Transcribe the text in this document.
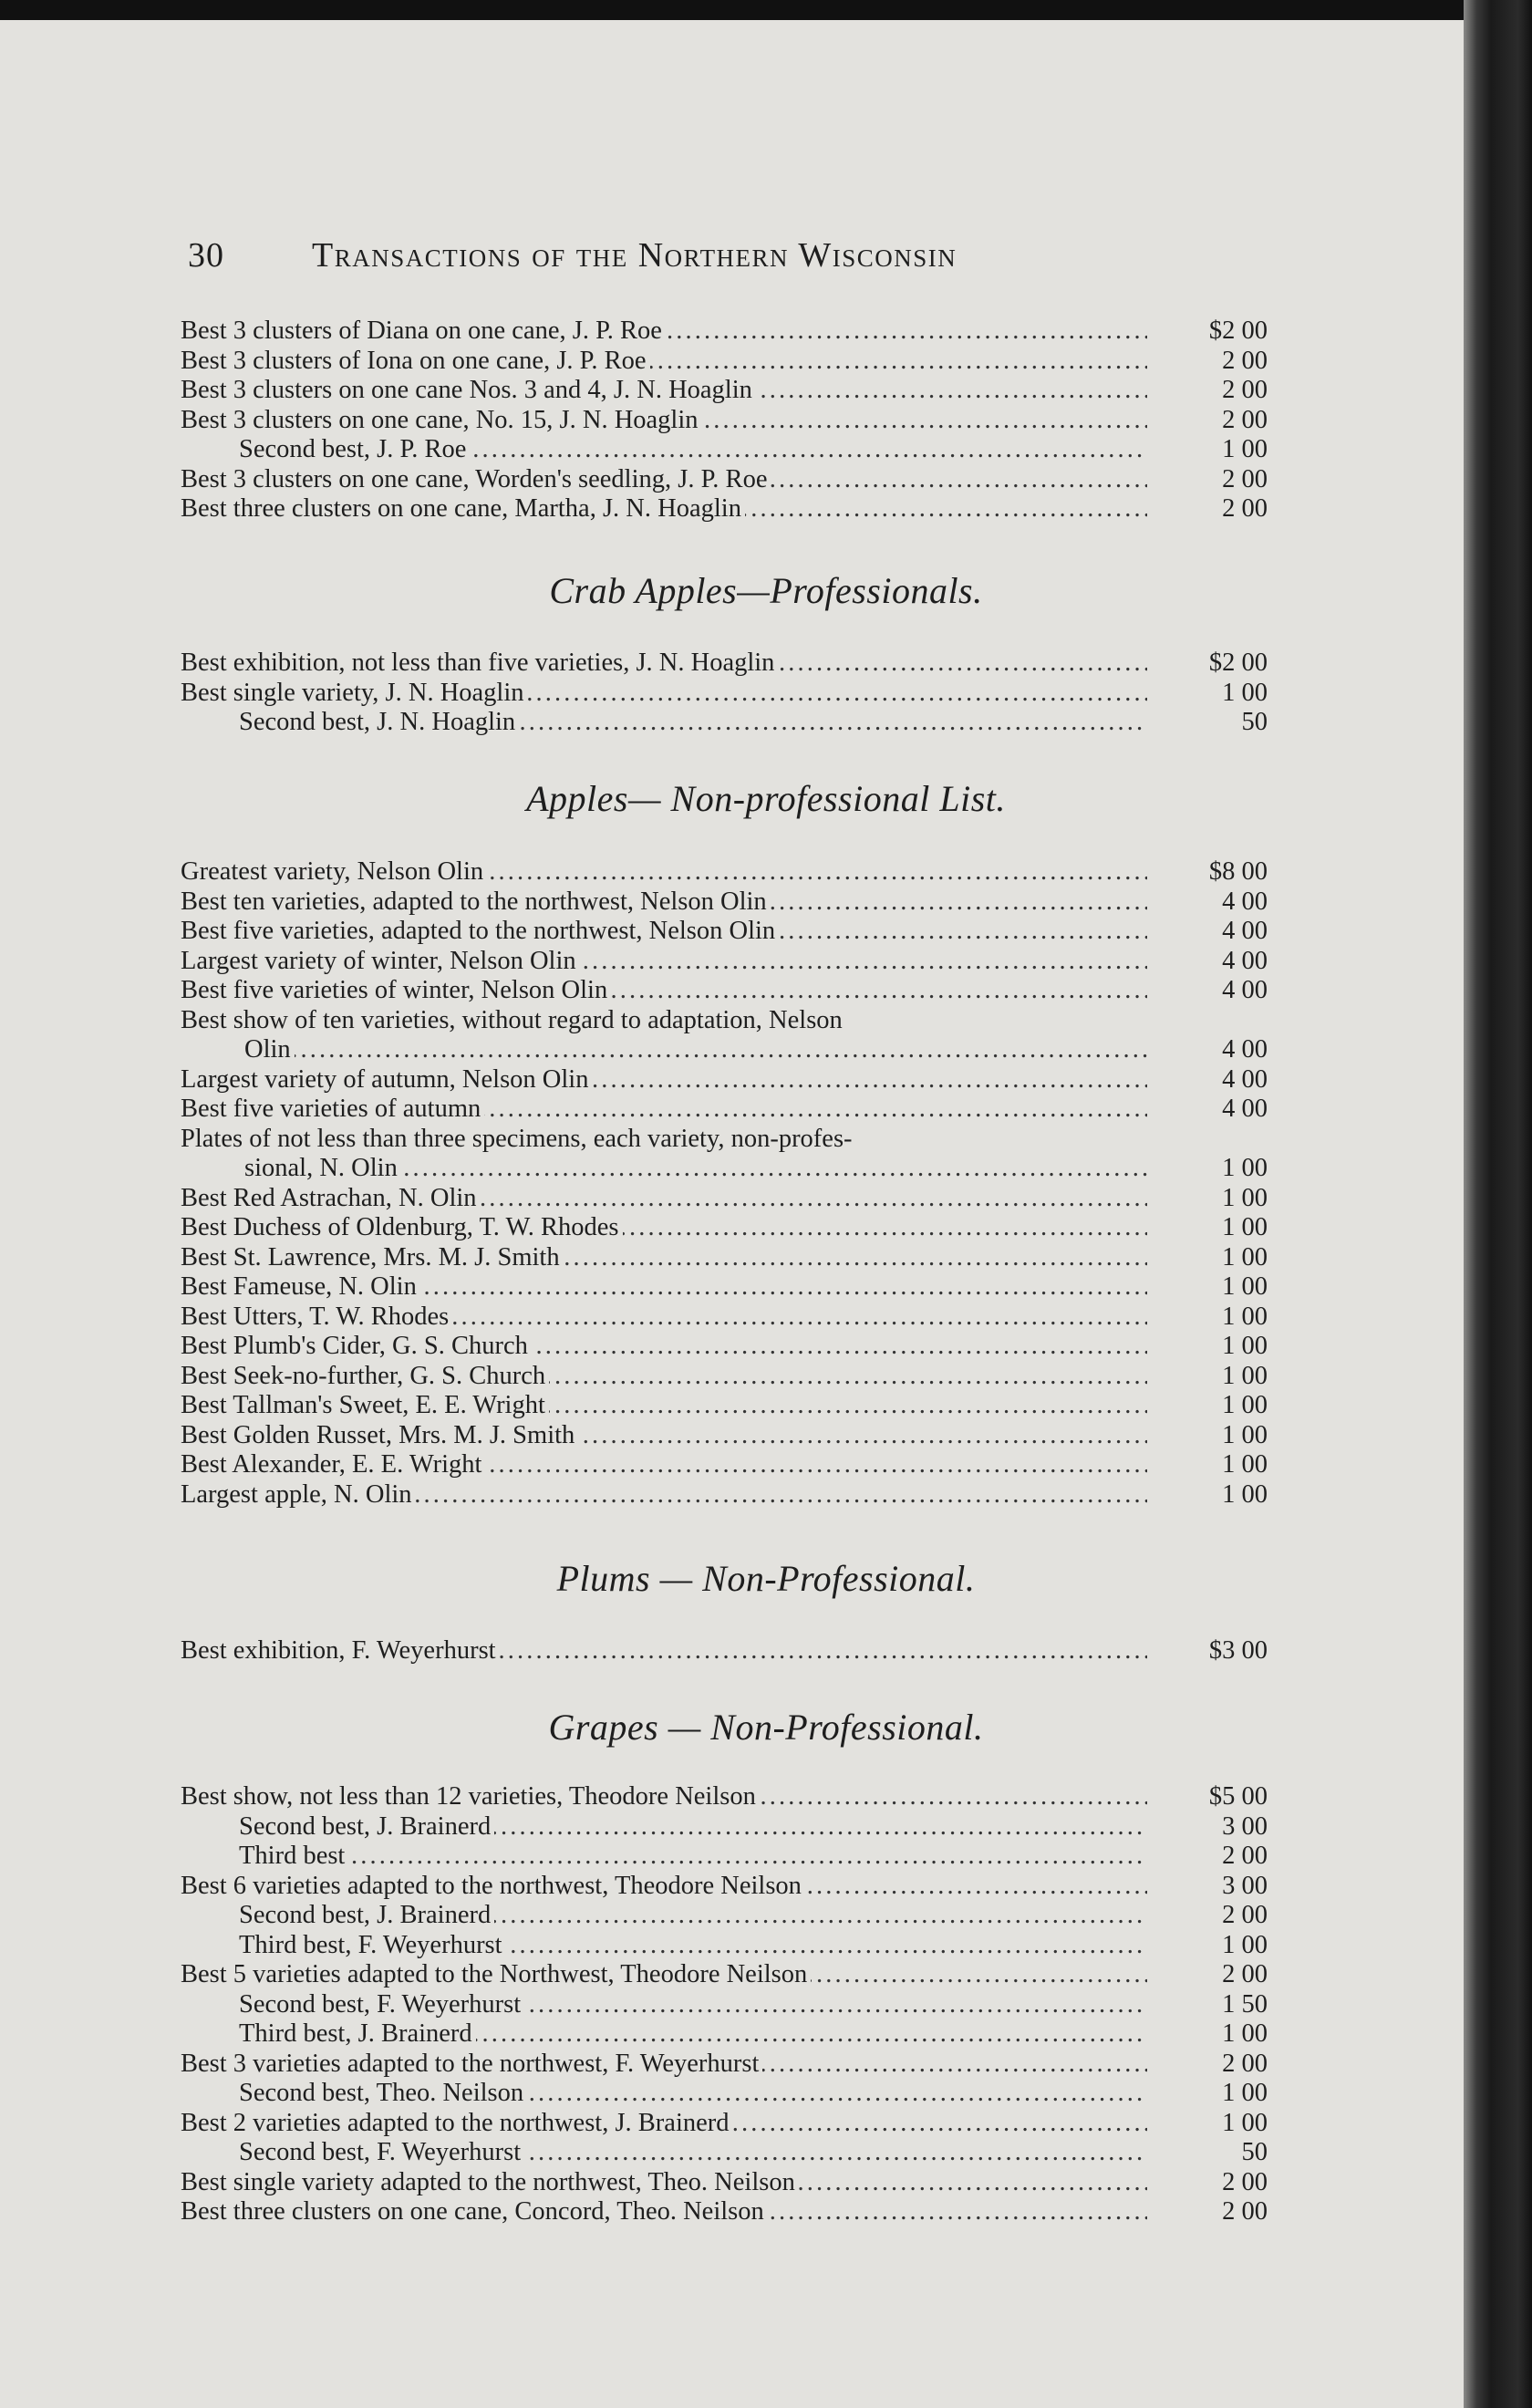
30	Transactions of the Northern Wisconsin
Best 3 clusters of Diana on one cane, J. P. Roe . . .	$2 00
Best 3 clusters of Iona on one cane, J. P. Roe . . .	2 00
Best 3 clusters on one cane Nos. 3 and 4, J. N. Hoaglin . . .	2 00
Best 3 clusters on one cane, No. 15, J. N. Hoaglin . . .	2 00
Second best, J. P. Roe . . .	1 00
Best 3 clusters on one cane, Worden's seedling, J. P. Roe . . .	2 00
Best three clusters on one cane, Martha, J. N. Hoaglin . . .	2 00
Crab Apples—Professionals.
Best exhibition, not less than five varieties, J. N. Hoaglin . . .	$2 00
Best single variety, J. N. Hoaglin . . .	1 00
Second best, J. N. Hoaglin . . .	50
Apples— Non-professional List.
Greatest variety, Nelson Olin . . .	$8 00
Best ten varieties, adapted to the northwest, Nelson Olin . . .	4 00
Best five varieties, adapted to the northwest, Nelson Olin . . .	4 00
Largest variety of winter, Nelson Olin . . .	4 00
Best five varieties of winter, Nelson Olin . . .	4 00
Best show of ten varieties, without regard to adaptation, Nelson
Olin . . .	4 00
Largest variety of autumn, Nelson Olin . . .	4 00
Best five varieties of autumn . . .	4 00
Plates of not less than three specimens, each variety, non-profes-
sional, N. Olin . . .	1 00
Best Red Astrachan, N. Olin . . .	1 00
Best Duchess of Oldenburg, T. W. Rhodes . . .	1 00
Best St. Lawrence, Mrs. M. J. Smith . . .	1 00
Best Fameuse, N. Olin . . .	1 00
Best Utters, T. W. Rhodes . . .	1 00
Best Plumb's Cider, G. S. Church . . .	1 00
Best Seek-no-further, G. S. Church . . .	1 00
Best Tallman's Sweet, E. E. Wright . . .	1 00
Best Golden Russet, Mrs. M. J. Smith . . .	1 00
Best Alexander, E. E. Wright . . .	1 00
Largest apple, N. Olin . . .	1 00
Plums — Non-Professional.
Best exhibition, F. Weyerhurst . . .	$3 00
Grapes — Non-Professional.
Best show, not less than 12 varieties, Theodore Neilson . . .	$5 00
Second best, J. Brainerd . . .	3 00
Third best . . .	2 00
Best 6 varieties adapted to the northwest, Theodore Neilson . . .	3 00
Second best, J. Brainerd . . .	2 00
Third best, F. Weyerhurst . . .	1 00
Best 5 varieties adapted to the Northwest, Theodore Neilson . . .	2 00
Second best, F. Weyerhurst . . .	1 50
Third best, J. Brainerd . . .	1 00
Best 3 varieties adapted to the northwest, F. Weyerhurst . . .	2 00
Second best, Theo. Neilson . . .	1 00
Best 2 varieties adapted to the northwest, J. Brainerd . . .	1 00
Second best, F. Weyerhurst . . .	50
Best single variety adapted to the northwest, Theo. Neilson . . .	2 00
Best three clusters on one cane, Concord, Theo. Neilson . . .	2 00
